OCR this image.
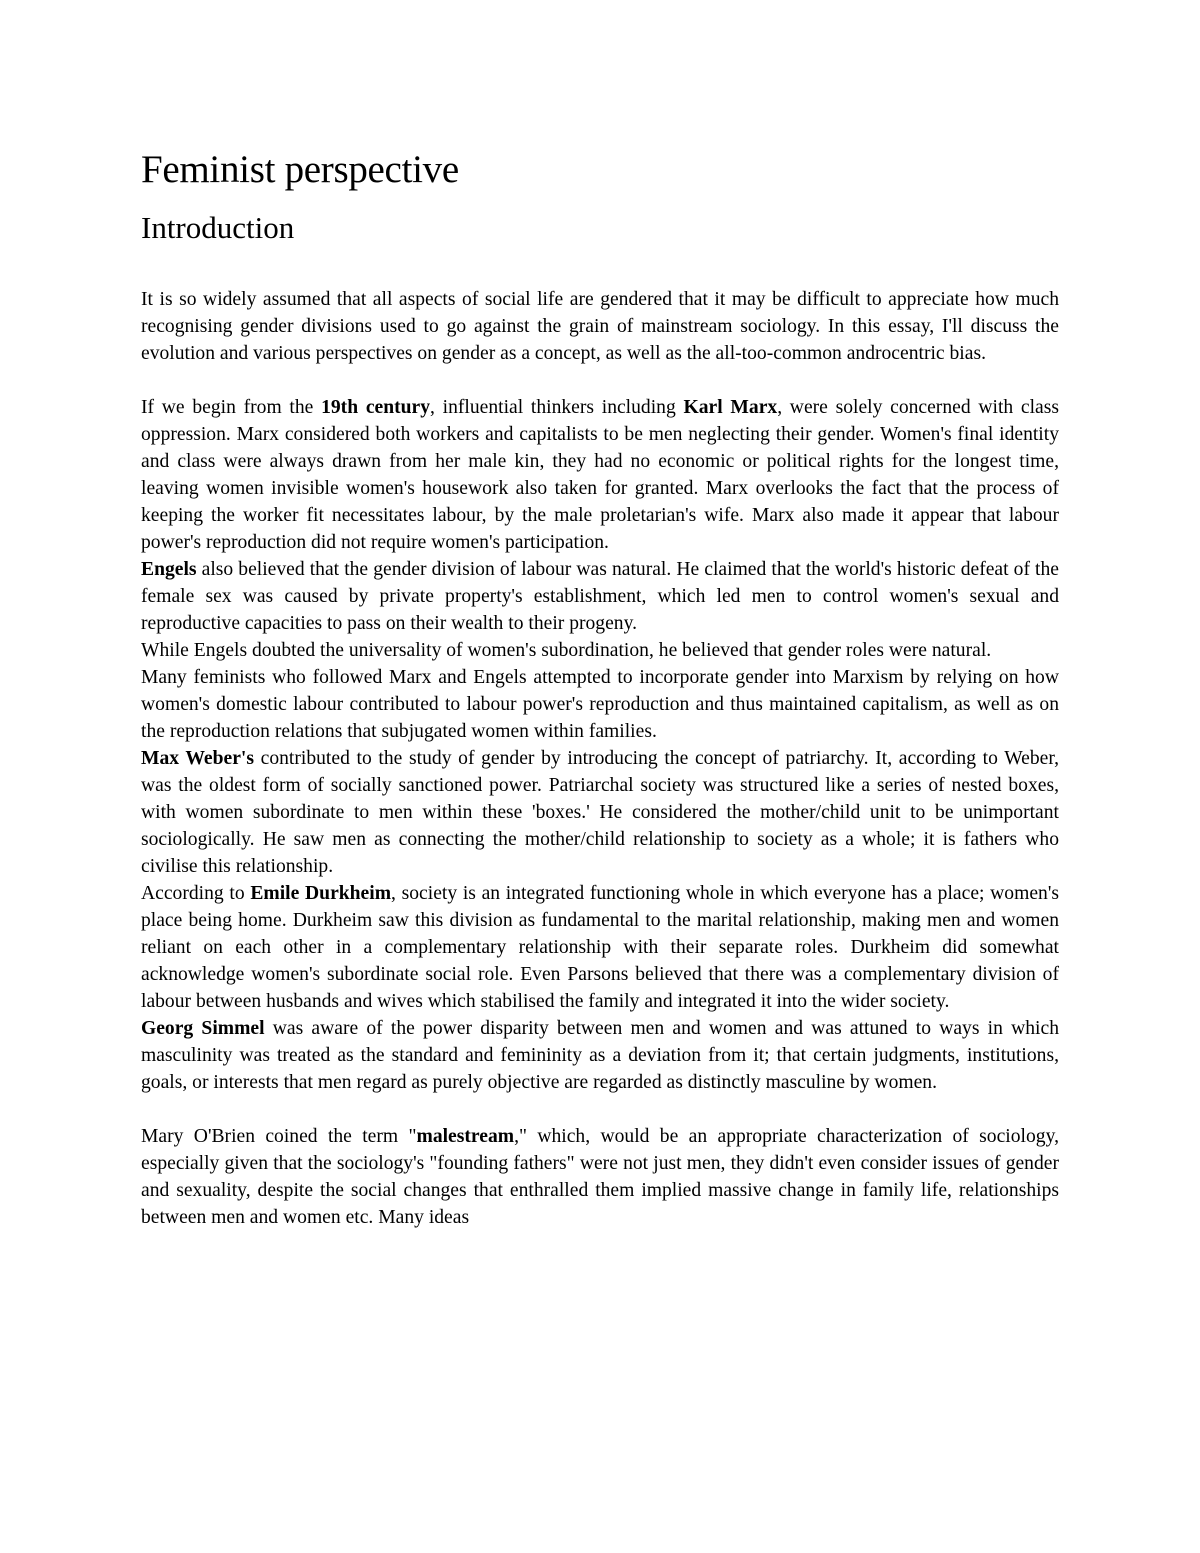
Feminist perspective
Introduction

It is so widely assumed that all aspects of social life are gendered that it may be difficult to appreciate how much recognising gender divisions used to go against the grain of mainstream sociology. In this essay, I'll discuss the evolution and various perspectives on gender as a concept, as well as the all-too-common androcentric bias.

If we begin from the 19th century, influential thinkers including Karl Marx, were solely concerned with class oppression. Marx considered both workers and capitalists to be men neglecting their gender. Women's final identity and class were always drawn from her male kin, they had no economic or political rights for the longest time, leaving women invisible women's housework also taken for granted. Marx overlooks the fact that the process of keeping the worker fit necessitates labour, by the male proletarian's wife. Marx also made it appear that labour power's reproduction did not require women's participation.

Engels also believed that the gender division of labour was natural. He claimed that the world's historic defeat of the female sex was caused by private property's establishment, which led men to control women's sexual and reproductive capacities to pass on their wealth to their progeny.

While Engels doubted the universality of women's subordination, he believed that gender roles were natural.

Many feminists who followed Marx and Engels attempted to incorporate gender into Marxism by relying on how women's domestic labour contributed to labour power's reproduction and thus maintained capitalism, as well as on the reproduction relations that subjugated women within families.

Max Weber's contributed to the study of gender by introducing the concept of patriarchy. It, according to Weber, was the oldest form of socially sanctioned power. Patriarchal society was structured like a series of nested boxes, with women subordinate to men within these 'boxes.' He considered the mother/child unit to be unimportant sociologically. He saw men as connecting the mother/child relationship to society as a whole; it is fathers who civilise this relationship.

According to Emile Durkheim, society is an integrated functioning whole in which everyone has a place; women's place being home. Durkheim saw this division as fundamental to the marital relationship, making men and women reliant on each other in a complementary relationship with their separate roles. Durkheim did somewhat acknowledge women's subordinate social role. Even Parsons believed that there was a complementary division of labour between husbands and wives which stabilised the family and integrated it into the wider society.

Georg Simmel was aware of the power disparity between men and women and was attuned to ways in which masculinity was treated as the standard and femininity as a deviation from it; that certain judgments, institutions, goals, or interests that men regard as purely objective are regarded as distinctly masculine by women.

Mary O'Brien coined the term "malestream," which, would be an appropriate characterization of sociology, especially given that the sociology's "founding fathers" were not just men, they didn't even consider issues of gender and sexuality, despite the social changes that enthralled them implied massive change in family life, relationships between men and women etc. Many ideas
